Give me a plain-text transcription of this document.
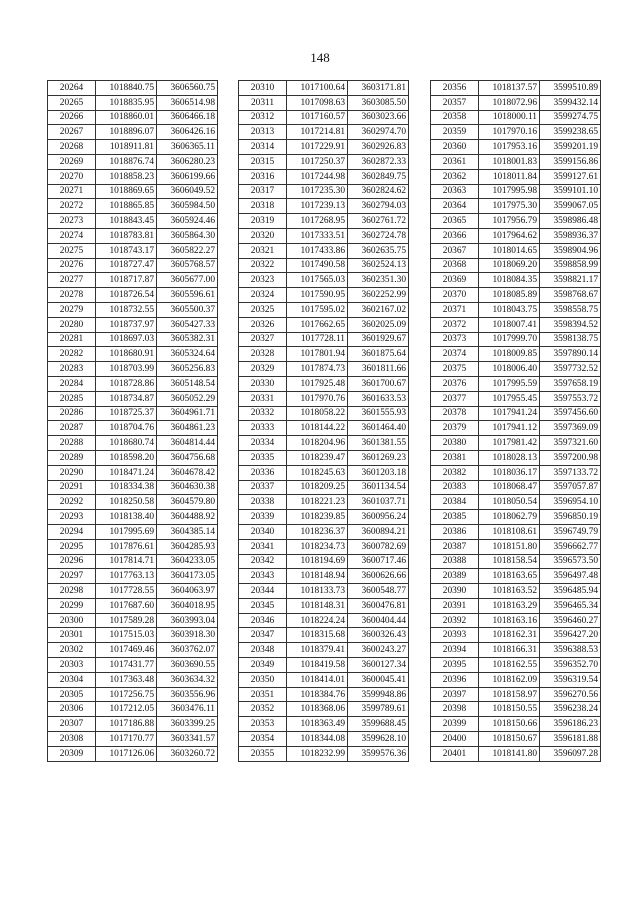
148
20264	1018840.75	3606560.75
20265	1018835.95	3606514.98
20266	1018860.01	3606466.18
20267	1018896.07	3606426.16
20268	1018911.81	3606365.11
20269	1018876.74	3606280.23
20270	1018858.23	3606199.66
20271	1018869.65	3606049.52
20272	1018865.85	3605984.50
20273	1018843.45	3605924.46
20274	1018783.81	3605864.30
20275	1018743.17	3605822.27
20276	1018727.47	3605768.57
20277	1018717.87	3605677.00
20278	1018726.54	3605596.61
20279	1018732.55	3605500.37
20280	1018737.97	3605427.33
20281	1018697.03	3605382.31
20282	1018680.91	3605324.64
20283	1018703.99	3605256.83
20284	1018728.86	3605148.54
20285	1018734.87	3605052.29
20286	1018725.37	3604961.71
20287	1018704.76	3604861.23
20288	1018680.74	3604814.44
20289	1018598.20	3604756.68
20290	1018471.24	3604678.42
20291	1018334.38	3604630.38
20292	1018250.58	3604579.80
20293	1018138.40	3604488.92
20294	1017995.69	3604385.14
20295	1017876.61	3604285.93
20296	1017814.71	3604233.05
20297	1017763.13	3604173.05
20298	1017728.55	3604063.97
20299	1017687.60	3604018.95
20300	1017589.28	3603993.04
20301	1017515.03	3603918.30
20302	1017469.46	3603762.07
20303	1017431.77	3603690.55
20304	1017363.48	3603634.32
20305	1017256.75	3603556.96
20306	1017212.05	3603476.11
20307	1017186.88	3603399.25
20308	1017170.77	3603341.57
20309	1017126.06	3603260.72
20310	1017100.64	3603171.81
20311	1017098.63	3603085.50
20312	1017160.57	3603023.66
20313	1017214.81	3602974.70
20314	1017229.91	3602926.83
20315	1017250.37	3602872.33
20316	1017244.98	3602849.75
20317	1017235.30	3602824.62
20318	1017239.13	3602794.03
20319	1017268.95	3602761.72
20320	1017333.51	3602724.78
20321	1017433.86	3602635.75
20322	1017490.58	3602524.13
20323	1017565.03	3602351.30
20324	1017590.95	3602252.99
20325	1017595.02	3602167.02
20326	1017662.65	3602025.09
20327	1017728.11	3601929.67
20328	1017801.94	3601875.64
20329	1017874.73	3601811.66
20330	1017925.48	3601700.67
20331	1017970.76	3601633.53
20332	1018058.22	3601555.93
20333	1018144.22	3601464.40
20334	1018204.96	3601381.55
20335	1018239.47	3601269.23
20336	1018245.63	3601203.18
20337	1018209.25	3601134.54
20338	1018221.23	3601037.71
20339	1018239.85	3600956.24
20340	1018236.37	3600894.21
20341	1018234.73	3600782.69
20342	1018194.69	3600717.46
20343	1018148.94	3600626.66
20344	1018133.73	3600548.77
20345	1018148.31	3600476.81
20346	1018224.24	3600404.44
20347	1018315.68	3600326.43
20348	1018379.41	3600243.27
20349	1018419.58	3600127.34
20350	1018414.01	3600045.41
20351	1018384.76	3599948.86
20352	1018368.06	3599789.61
20353	1018363.49	3599688.45
20354	1018344.08	3599628.10
20355	1018232.99	3599576.36
20356	1018137.57	3599510.89
20357	1018072.96	3599432.14
20358	1018000.11	3599274.75
20359	1017970.16	3599238.65
20360	1017953.16	3599201.19
20361	1018001.83	3599156.86
20362	1018011.84	3599127.61
20363	1017995.98	3599101.10
20364	1017975.30	3599067.05
20365	1017956.79	3598986.48
20366	1017964.62	3598936.37
20367	1018014.65	3598904.96
20368	1018069.20	3598858.99
20369	1018084.35	3598821.17
20370	1018085.89	3598768.67
20371	1018043.75	3598558.75
20372	1018007.41	3598394.52
20373	1017999.70	3598138.75
20374	1018009.85	3597890.14
20375	1018006.40	3597732.52
20376	1017995.59	3597658.19
20377	1017955.45	3597553.72
20378	1017941.24	3597456.60
20379	1017941.12	3597369.09
20380	1017981.42	3597321.60
20381	1018028.13	3597200.98
20382	1018036.17	3597133.72
20383	1018068.47	3597057.87
20384	1018050.54	3596954.10
20385	1018062.79	3596850.19
20386	1018108.61	3596749.79
20387	1018151.80	3596662.77
20388	1018158.54	3596573.50
20389	1018163.65	3596497.48
20390	1018163.52	3596485.94
20391	1018163.29	3596465.34
20392	1018163.16	3596460.27
20393	1018162.31	3596427.20
20394	1018166.31	3596388.53
20395	1018162.55	3596352.70
20396	1018162.09	3596319.54
20397	1018158.97	3596270.56
20398	1018150.55	3596238.24
20399	1018150.66	3596186.23
20400	1018150.67	3596181.88
20401	1018141.80	3596097.28
